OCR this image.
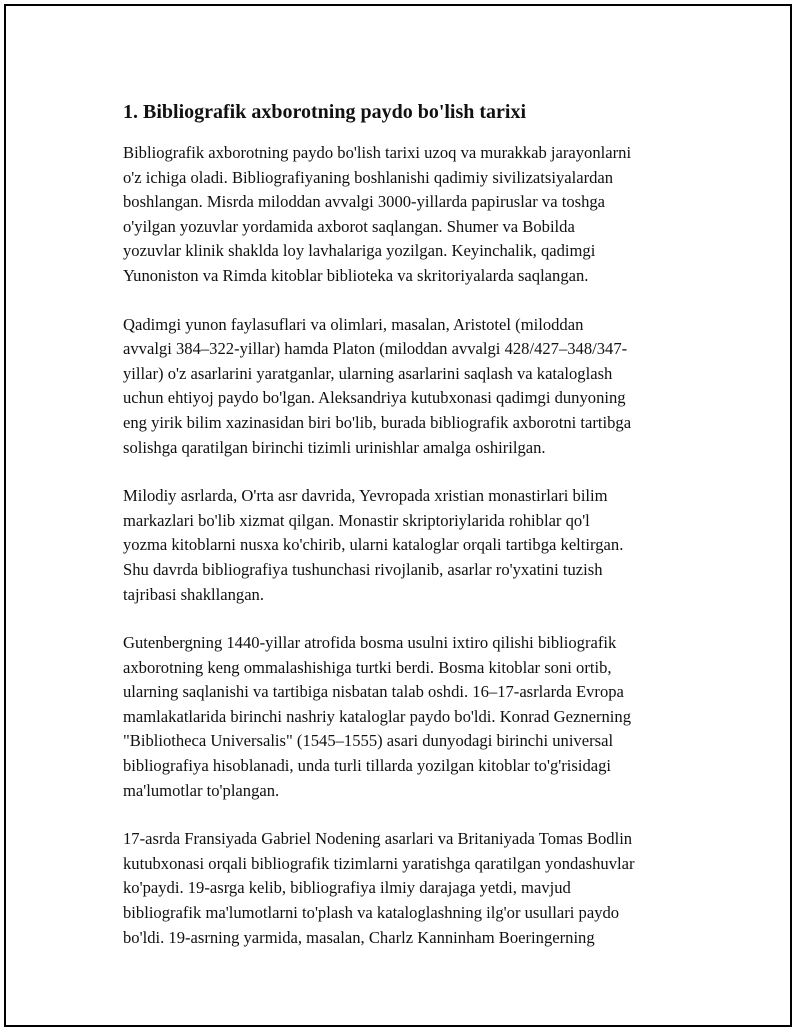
1. Bibliografik axborotning paydo bo'lish tarixi

Bibliografik axborotning paydo bo'lish tarixi uzoq va murakkab jarayonlarni
o'z ichiga oladi. Bibliografiyaning boshlanishi qadimiy sivilizatsiyalardan
boshlangan. Misrda miloddan avvalgi 3000-yillarda papiruslar va toshga
o'yilgan yozuvlar yordamida axborot saqlangan. Shumer va Bobilda
yozuvlar klinik shaklda loy lavhalariga yozilgan. Keyinchalik, qadimgi
Yunoniston va Rimda kitoblar biblioteka va skritoriyalarda saqlangan.

Qadimgi yunon faylasuflari va olimlari, masalan, Aristotel (miloddan
avvalgi 384–322-yillar) hamda Platon (miloddan avvalgi 428/427–348/347-
yillar) o'z asarlarini yaratganlar, ularning asarlarini saqlash va kataloglash
uchun ehtiyoj paydo bo'lgan. Aleksandriya kutubxonasi qadimgi dunyoning
eng yirik bilim xazinasidan biri bo'lib, burada bibliografik axborotni tartibga
solishga qaratilgan birinchi tizimli urinishlar amalga oshirilgan.

Milodiy asrlarda, O'rta asr davrida, Yevropada xristian monastirlari bilim
markazlari bo'lib xizmat qilgan. Monastir skriptoriylarida rohiblar qo'l
yozma kitoblarni nusxa ko'chirib, ularni kataloglar orqali tartibga keltirgan.
Shu davrda bibliografiya tushunchasi rivojlanib, asarlar ro'yxatini tuzish
tajribasi shakllangan.

Gutenbergning 1440-yillar atrofida bosma usulni ixtiro qilishi bibliografik
axborotning keng ommalashishiga turtki berdi. Bosma kitoblar soni ortib,
ularning saqlanishi va tartibiga nisbatan talab oshdi. 16–17-asrlarda Evropa
mamlakatlarida birinchi nashriy kataloglar paydo bo'ldi. Konrad Geznerning
"Bibliotheca Universalis" (1545–1555) asari dunyodagi birinchi universal
bibliografiya hisoblanadi, unda turli tillarda yozilgan kitoblar to'g'risidagi
ma'lumotlar to'plangan.

17-asrda Fransiyada Gabriel Nodening asarlari va Britaniyada Tomas Bodlin
kutubxonasi orqali bibliografik tizimlarni yaratishga qaratilgan yondashuvlar
ko'paydi. 19-asrga kelib, bibliografiya ilmiy darajaga yetdi, mavjud
bibliografik ma'lumotlarni to'plash va kataloglashning ilg'or usullari paydo
bo'ldi. 19-asrning yarmida, masalan, Charlz Kanninham Boeringerning
